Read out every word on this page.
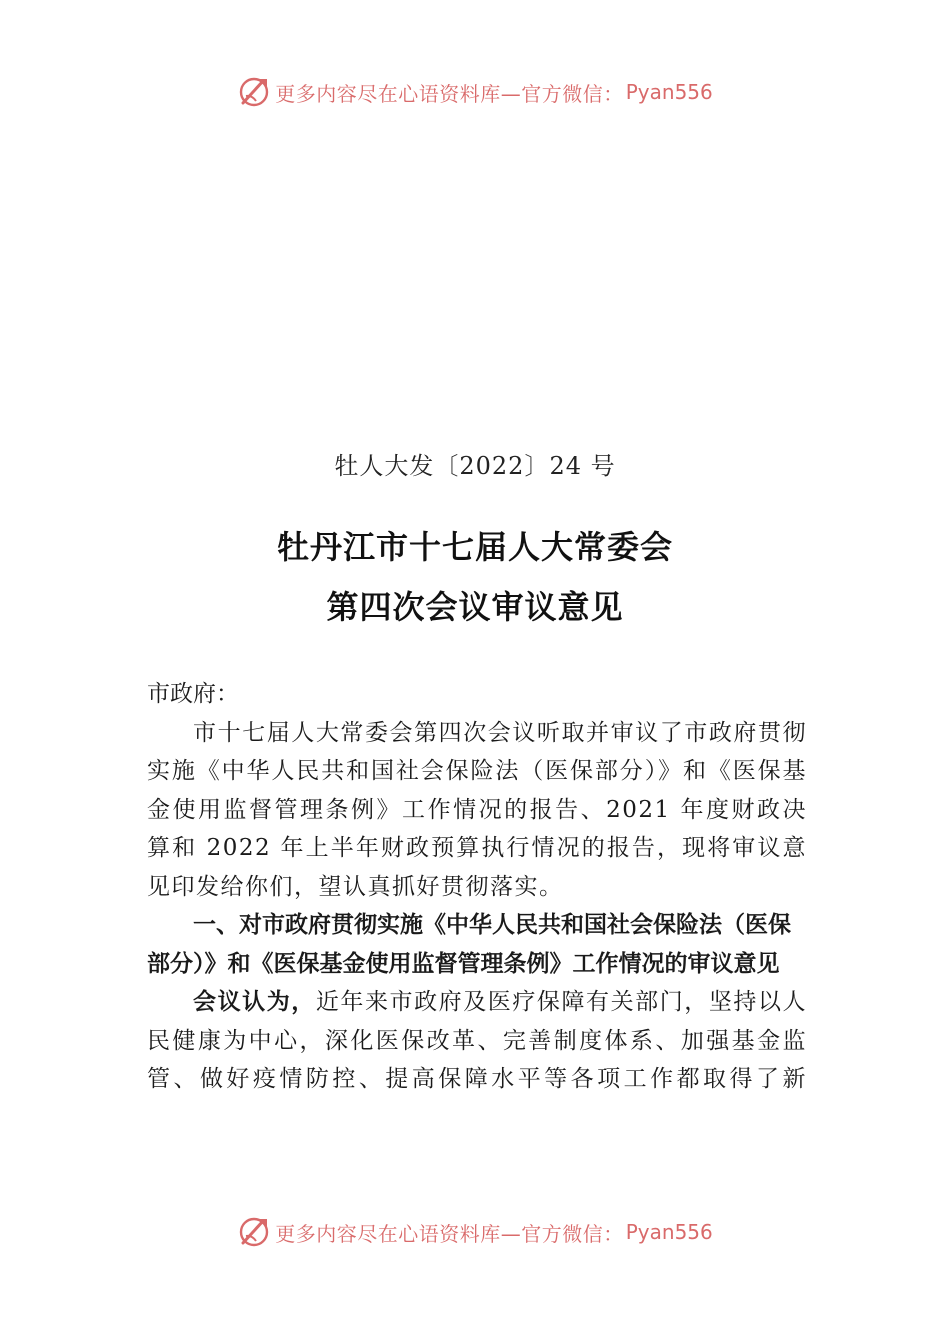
更多内容尽在心语资料库—官方微信： Pyan556
牡人大发〔2022〕24 号
牡丹江市十七届人大常委会
第四次会议审议意见

市政府：

市十七届人大常委会第四次会议听取并审议了市政府贯彻实施《中华人民共和国社会保险法（医保部分）》和《医保基金使用监督管理条例》工作情况的报告、2021 年度财政决算和 2022 年上半年财政预算执行情况的报告，现将审议意见印发给你们，望认真抓好贯彻落实。

一、对市政府贯彻实施《中华人民共和国社会保险法（医保部分）》和《医保基金使用监督管理条例》工作情况的审议意见

会议认为，近年来市政府及医疗保障有关部门，坚持以人民健康为中心，深化医保改革、完善制度体系、加强基金监管、做好疫情防控、提高保障水平等各项工作都取得了新

更多内容尽在心语资料库—官方微信： Pyan556
